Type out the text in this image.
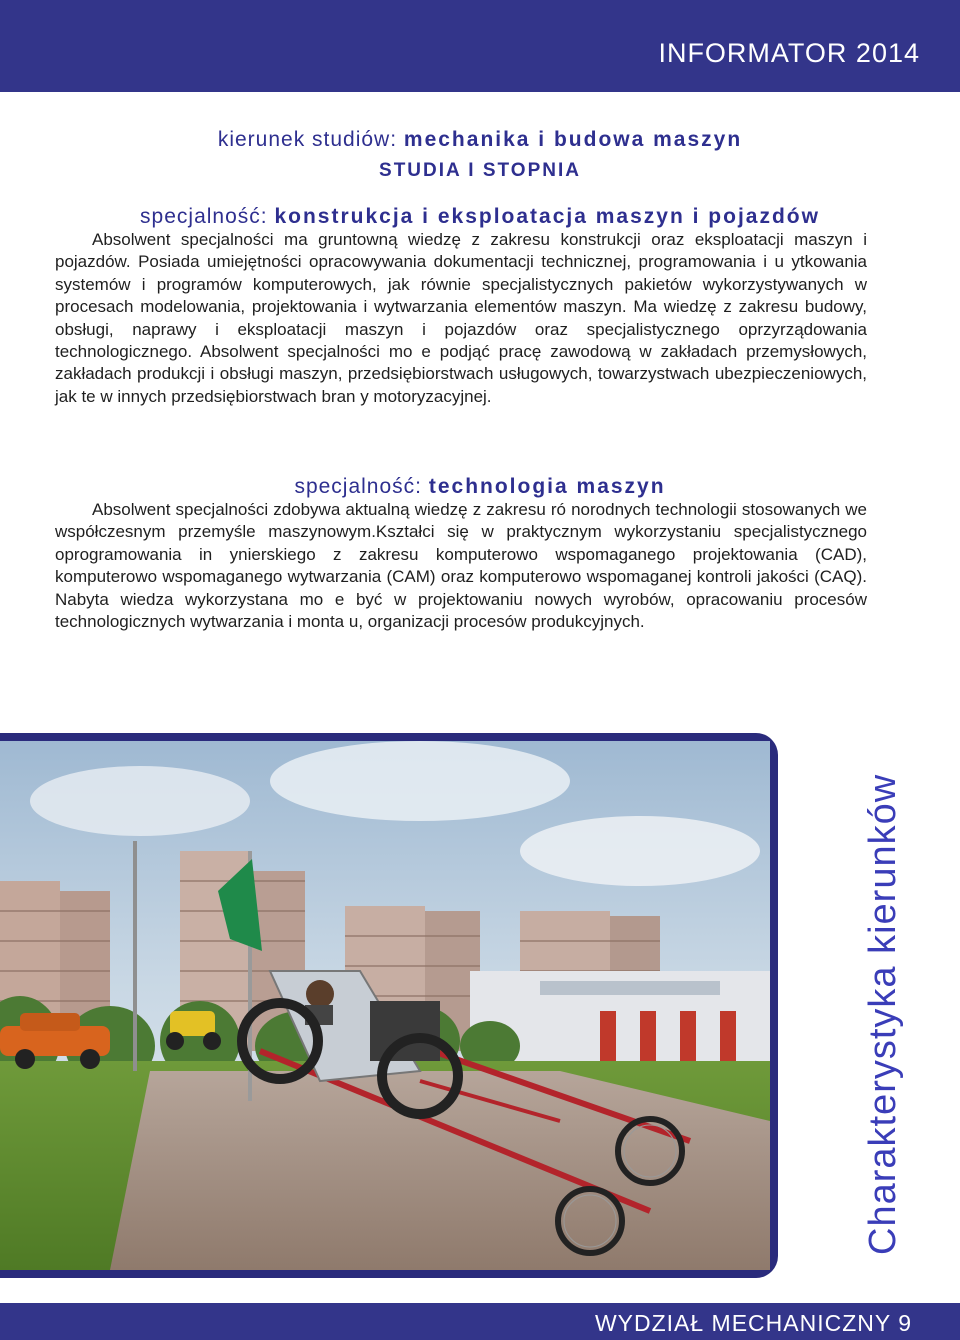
INFORMATOR 2014
kierunek studiów: mechanika i budowa maszyn
STUDIA I STOPNIA
specjalność: konstrukcja i eksploatacja maszyn i pojazdów

Absolwent specjalności ma gruntowną wiedzę z zakresu konstrukcji oraz eksploatacji maszyn i pojazdów. Posiada umiejętności opracowywania dokumentacji technicznej, programowania i u ytkowania systemów i programów komputerowych, jak równie specjalistycznych pakietów wykorzystywanych w procesach modelowania, projektowania i wytwarzania elementów maszyn. Ma wiedzę z zakresu budowy, obsługi, naprawy i eksploatacji maszyn i pojazdów oraz specjalistycznego oprzyrządowania technologicznego. Absolwent specjalności mo e podjąć pracę zawodową w zakładach przemysłowych, zakładach produkcji i obsługi maszyn, przedsiębiorstwach usługowych, towarzystwach ubezpieczeniowych, jak te w innych przedsiębiorstwach bran y motoryzacyjnej.

specjalność: technologia maszyn

Absolwent specjalności zdobywa aktualną wiedzę z zakresu ró norodnych technologii stosowanych we współczesnym przemyśle maszynowym.Kształci się w praktycznym wykorzystaniu specjalistycznego oprogramowania in ynierskiego z zakresu komputerowo wspomaganego projektowania (CAD), komputerowo wspomaganego wytwarzania (CAM) oraz komputerowo wspomaganej kontroli jakości (CAQ). Nabyta wiedza wykorzystana mo e być w projektowaniu nowych wyrobów, opracowaniu procesów technologicznych wytwarzania i monta u, organizacji procesów produkcyjnych.

Charakterystyka kierunków
WYDZIAŁ MECHANICZNY 9
